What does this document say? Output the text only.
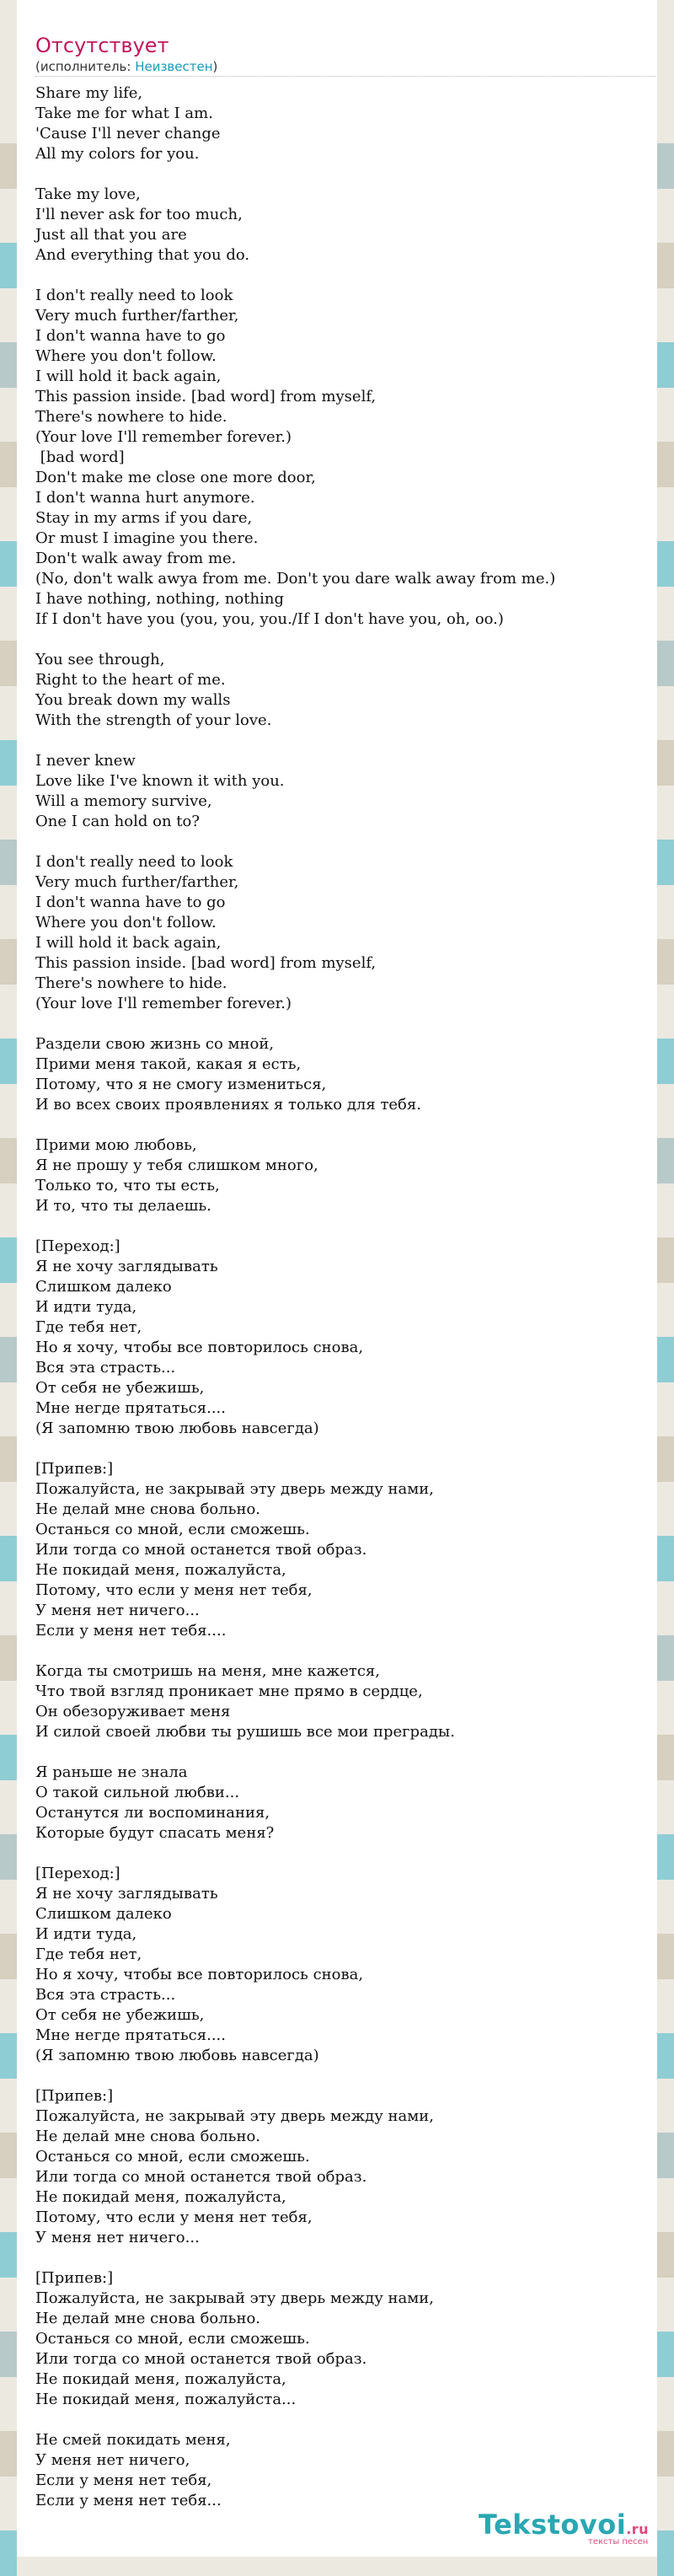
Отсутствует
(исполнитель: Неизвестен)
Share my life,
Take me for what I am.
'Cause I'll never change
All my colors for you.
Take my love,
I'll never ask for too much,
Just all that you are
And everything that you do.
I don't really need to look
Very much further/farther,
I don't wanna have to go
Where you don't follow.
I will hold it back again,
This passion inside. [bad word] from myself,
There's nowhere to hide.
(Your love I'll remember forever.)
[bad word]
Don't make me close one more door,
I don't wanna hurt anymore.
Stay in my arms if you dare,
Or must I imagine you there.
Don't walk away from me.
(No, don't walk awya from me. Don't you dare walk away from me.)
I have nothing, nothing, nothing
If I don't have you (you, you, you./If I don't have you, oh, oo.)
You see through,
Right to the heart of me.
You break down my walls
With the strength of your love.
I never knew
Love like I've known it with you.
Will a memory survive,
One I can hold on to?
I don't really need to look
Very much further/farther,
I don't wanna have to go
Where you don't follow.
I will hold it back again,
This passion inside. [bad word] from myself,
There's nowhere to hide.
(Your love I'll remember forever.)
Раздели свою жизнь со мной,
Прими меня такой, какая я есть,
Потому, что я не смогу измениться,
И во всех своих проявлениях я только для тебя.
Прими мою любовь,
Я не прошу у тебя слишком много,
Только то, что ты есть,
И то, что ты делаешь.
[Переход:]
Я не хочу заглядывать
Слишком далеко
И идти туда,
Где тебя нет,
Но я хочу, чтобы все повторилось снова,
Вся эта страсть...
От себя не убежишь,
Мне негде прятаться....
(Я запомню твою любовь навсегда)
[Припев:]
Пожалуйста, не закрывай эту дверь между нами,
Не делай мне снова больно.
Останься со мной, если сможешь.
Или тогда со мной останется твой образ.
Не покидай меня, пожалуйста,
Потому, что если у меня нет тебя,
У меня нет ничего...
Если у меня нет тебя....
Когда ты смотришь на меня, мне кажется,
Что твой взгляд проникает мне прямо в сердце,
Он обезоруживает меня
И силой своей любви ты рушишь все мои преграды.
Я раньше не знала
О такой сильной любви...
Останутся ли воспоминания,
Которые будут спасать меня?
[Переход:]
Я не хочу заглядывать
Слишком далеко
И идти туда,
Где тебя нет,
Но я хочу, чтобы все повторилось снова,
Вся эта страсть...
От себя не убежишь,
Мне негде прятаться....
(Я запомню твою любовь навсегда)
[Припев:]
Пожалуйста, не закрывай эту дверь между нами,
Не делай мне снова больно.
Останься со мной, если сможешь.
Или тогда со мной останется твой образ.
Не покидай меня, пожалуйста,
Потому, что если у меня нет тебя,
У меня нет ничего...
[Припев:]
Пожалуйста, не закрывай эту дверь между нами,
Не делай мне снова больно.
Останься со мной, если сможешь.
Или тогда со мной останется твой образ.
Не покидай меня, пожалуйста,
Не покидай меня, пожалуйста...
Не смей покидать меня,
У меня нет ничего,
Если у меня нет тебя,
Если у меня нет тебя...
Tekstovoi.ru
тексты песен
